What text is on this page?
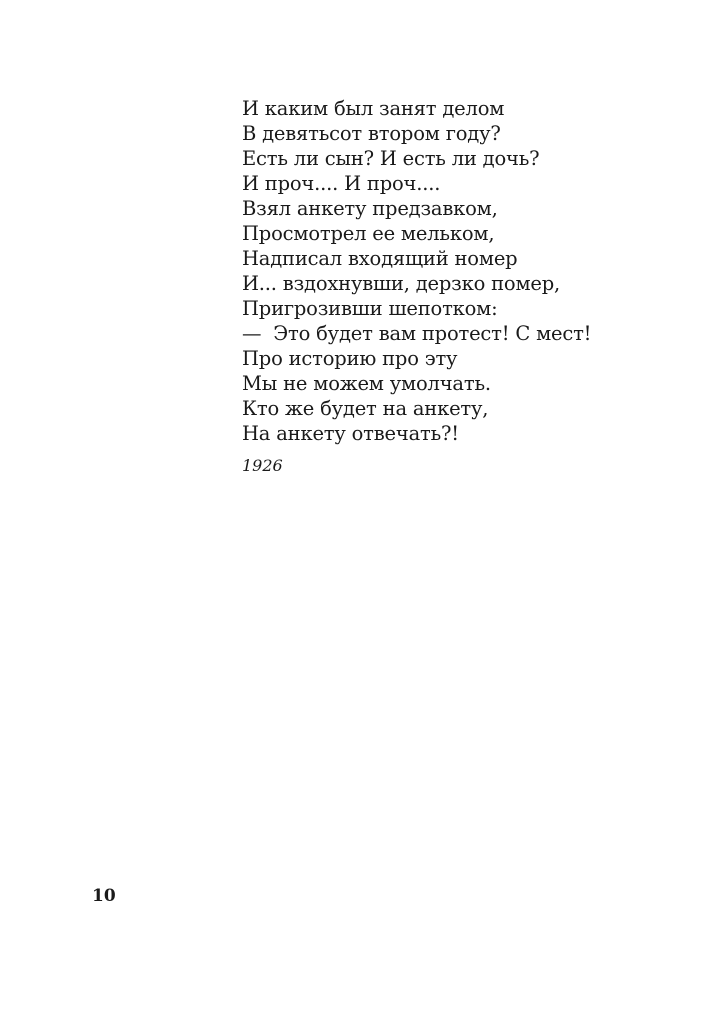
И каким был занят делом
В девятьсот втором году?
Есть ли сын? И есть ли дочь?
И проч.... И проч....
Взял анкету предзавком,
Просмотрел ее мельком,
Надписал входящий номер
И... вздохнувши, дерзко помер,
Пригрозивши шепотком:
—  Это будет вам протест! С мест!
Про историю про эту
Мы не можем умолчать.
Кто же будет на анкету,
На анкету отвечать?!
1926
10
